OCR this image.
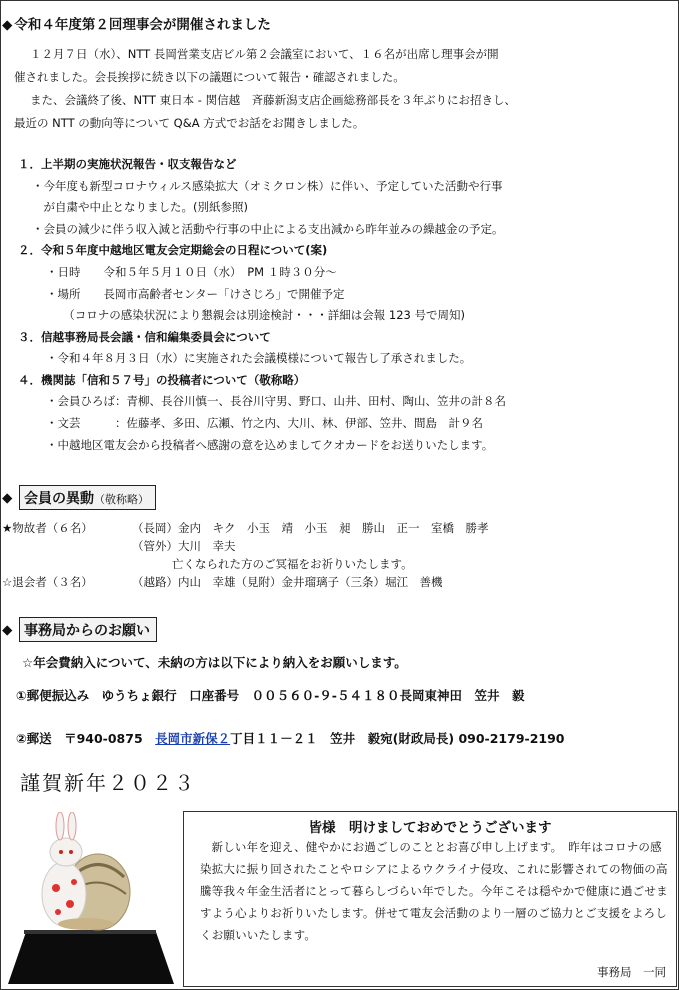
◆ 令和４年度第２回理事会が開催されました
１２月７日（水）、NTT 長岡営業支店ビル第２会議室において、１６名が出席し理事会が開
催されました。会長挨拶に続き以下の議題について報告・確認されました。
また、会議終了後、NTT 東日本 - 関信越　斉藤新潟支店企画総務部長を３年ぶりにお招きし、
最近の NTT の動向等について Q&A 方式でお話をお聞きしました。
１．上半期の実施状況報告・収支報告など
・今年度も新型コロナウィルス感染拡大（オミクロン株）に伴い、予定していた活動や行事
　が自粛や中止となりました。(別紙参照)
・会員の減少に伴う収入減と活動や行事の中止による支出減から昨年並みの繰越金の予定。
２．令和５年度中越地区電友会定期総会の日程について(案)
・日時　　令和５年５月１０日（水）　PM １時３０分～
・場所　　長岡市高齢者センター「けさじろ」で開催予定
　　（コロナの感染状況により懇親会は別途検討・・・詳細は会報 123 号で周知)
３．信越事務局長会議・信和編集委員会について
・令和４年８月３日（水）に実施された会議模様について報告し了承されました。
４．機関誌「信和５７号」の投稿者について（敬称略）
・会員ひろば：青柳、長谷川慎一、長谷川守男、野口、山井、田村、陶山、笠井の計８名
・文芸　　　：佐藤孝、多田、広瀬、竹之内、大川、林、伊部、笠井、間島　計９名
・中越地区電友会から投稿者へ感謝の意を込めましてクオカードをお送りいたします。
◆ 会員の異動（敬称略）
★物故者（６名）	（長岡）金内　キク　小玉　靖　小玉　昶　勝山　正一　室橋　勝孝
（管外）大川　幸夫
亡くなられた方のご冥福をお祈りいたします。
☆退会者（３名）	（越路）内山　幸雄（見附）金井瑠璃子（三条）堀江　善機
◆ 事務局からのお願い
☆年会費納入について、未納の方は以下により納入をお願いします。
①郵便振込み　ゆうちょ銀行　口座番号　００５６０-９-５４１８０長岡東神田　笠井　毅
②郵送　〒940-0875　長岡市新保２丁目１１－２１　笠井　毅宛(財政局長) 090-2179-2190
謹賀新年２０２３
皆様　明けましておめでとうございます
新しい年を迎え、健やかにお過ごしのこととお喜び申し上げます。　昨年はコロナの感染拡大に振り回されたことやロシアによるウクライナ侵攻、これに影響されての物価の高騰等我々年金生活者にとって暮らしづらい年でした。今年こそは穏やかで健康に過ごせますよう心よりお祈りいたします。併せて電友会活動のより一層のご協力とご支援をよろしくお願いいたします。
事務局　一同
